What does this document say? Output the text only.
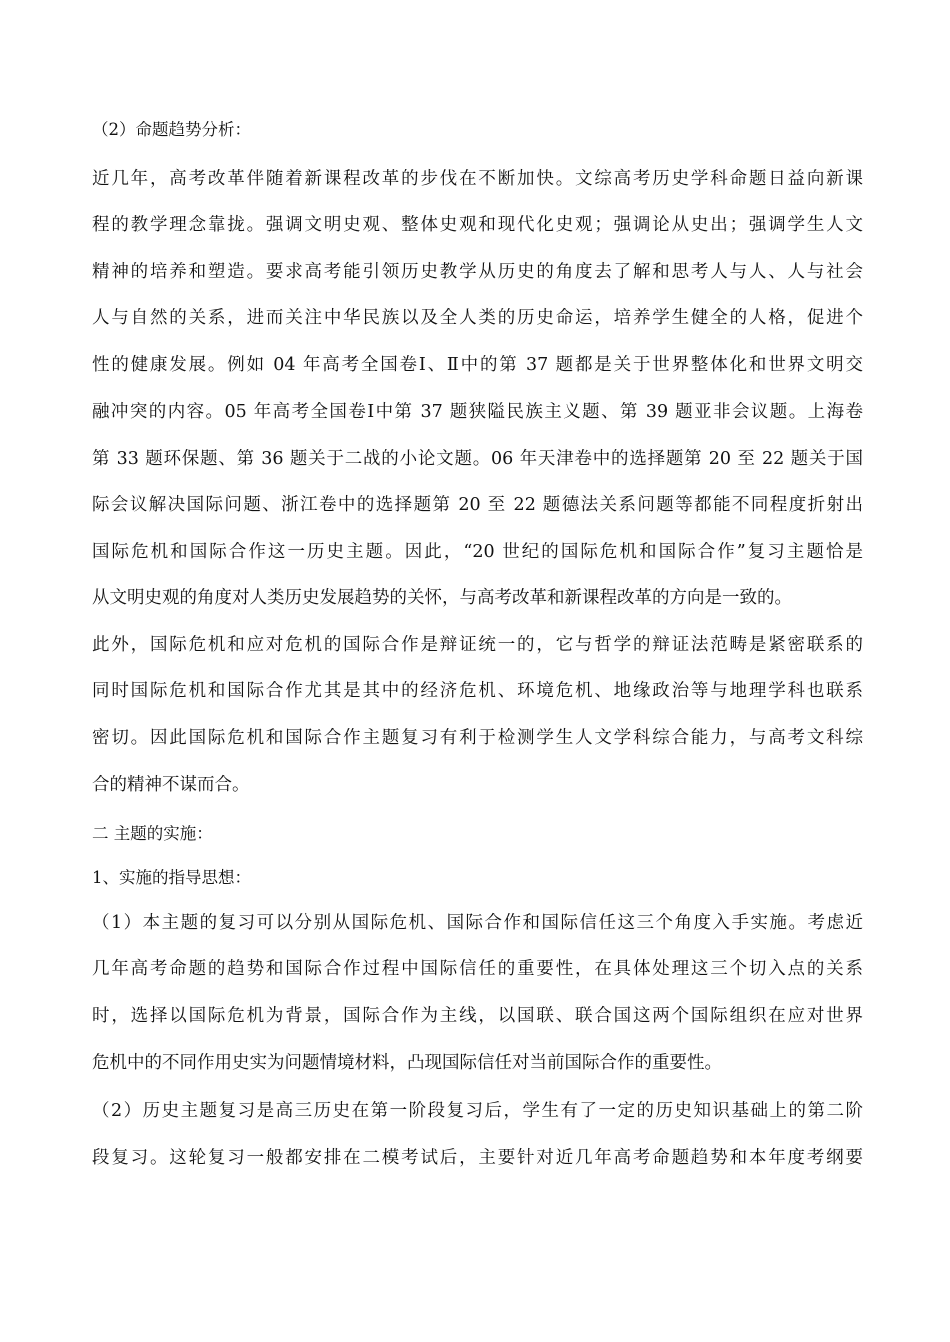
（2）命题趋势分析：

近几年，高考改革伴随着新课程改革的步伐在不断加快。文综高考历史学科命题日益向新课

程的教学理念靠拢。强调文明史观、整体史观和现代化史观；强调论从史出；强调学生人文

精神的培养和塑造。要求高考能引领历史教学从历史的角度去了解和思考人与人、人与社会

人与自然的关系，进而关注中华民族以及全人类的历史命运，培养学生健全的人格，促进个

性的健康发展。例如 04 年高考全国卷Ⅰ、Ⅱ中的第 37 题都是关于世界整体化和世界文明交

融冲突的内容。05 年高考全国卷Ⅰ中第 37 题狭隘民族主义题、第 39 题亚非会议题。上海卷

第 33 题环保题、第 36 题关于二战的小论文题。06 年天津卷中的选择题第 20 至 22 题关于国

际会议解决国际问题、浙江卷中的选择题第 20 至 22 题德法关系问题等都能不同程度折射出

国际危机和国际合作这一历史主题。因此，“20 世纪的国际危机和国际合作”复习主题恰是

从文明史观的角度对人类历史发展趋势的关怀，与高考改革和新课程改革的方向是一致的。

此外，国际危机和应对危机的国际合作是辩证统一的，它与哲学的辩证法范畴是紧密联系的

同时国际危机和国际合作尤其是其中的经济危机、环境危机、地缘政治等与地理学科也联系

密切。因此国际危机和国际合作主题复习有利于检测学生人文学科综合能力，与高考文科综

合的精神不谋而合。

二 主题的实施：

1、实施的指导思想：

（1）本主题的复习可以分别从国际危机、国际合作和国际信任这三个角度入手实施。考虑近

几年高考命题的趋势和国际合作过程中国际信任的重要性，在具体处理这三个切入点的关系

时，选择以国际危机为背景，国际合作为主线，以国联、联合国这两个国际组织在应对世界

危机中的不同作用史实为问题情境材料，凸现国际信任对当前国际合作的重要性。

（2）历史主题复习是高三历史在第一阶段复习后，学生有了一定的历史知识基础上的第二阶

段复习。这轮复习一般都安排在二模考试后，主要针对近几年高考命题趋势和本年度考纲要
